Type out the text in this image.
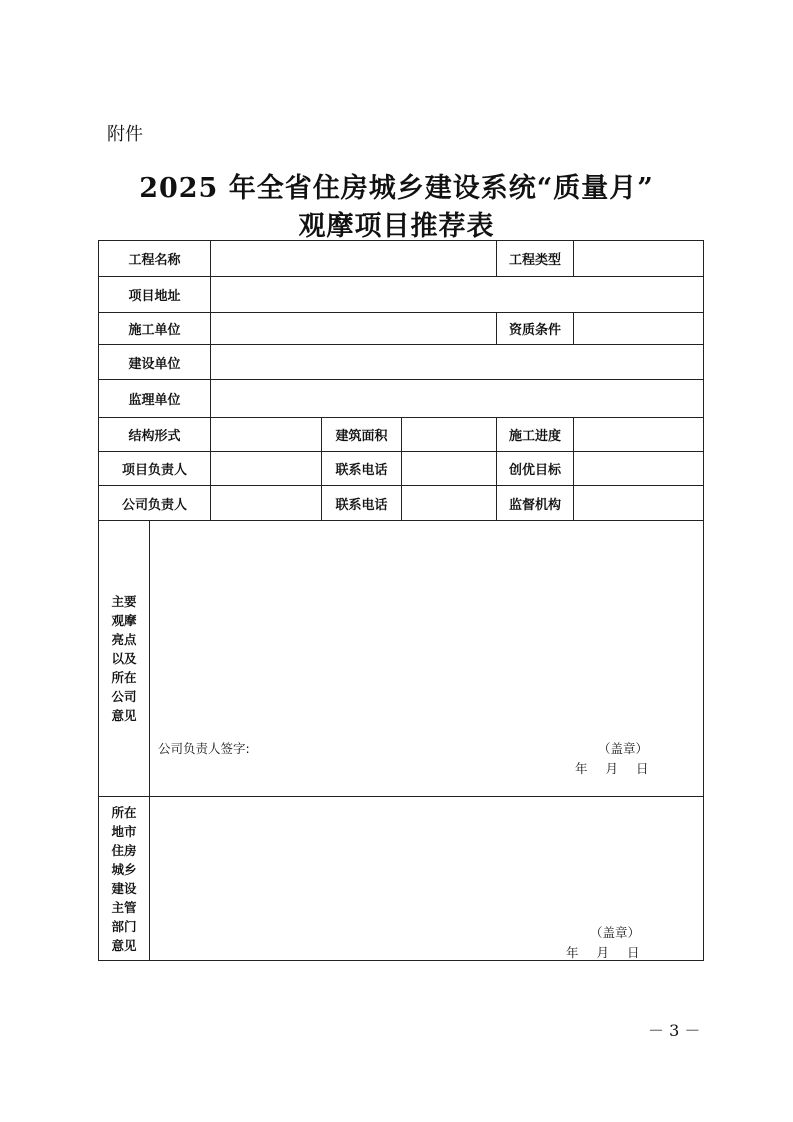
附件
2025 年全省住房城乡建设系统“质量月”
观摩项目推荐表
工程名称					工程类型	
项目地址						
施工单位					资质条件	
建设单位						
监理单位						
结构形式			建筑面积		施工进度	
项目负责人			联系电话		创优目标	
公司负责人			联系电话		监督机构	
主要观摩亮点以及所在公司意见	公司负责人签字: （盖章）
年 月 日					

所在地市住房城乡建设主管部门意见	（盖章）
年 月 日					
－ 3 －
